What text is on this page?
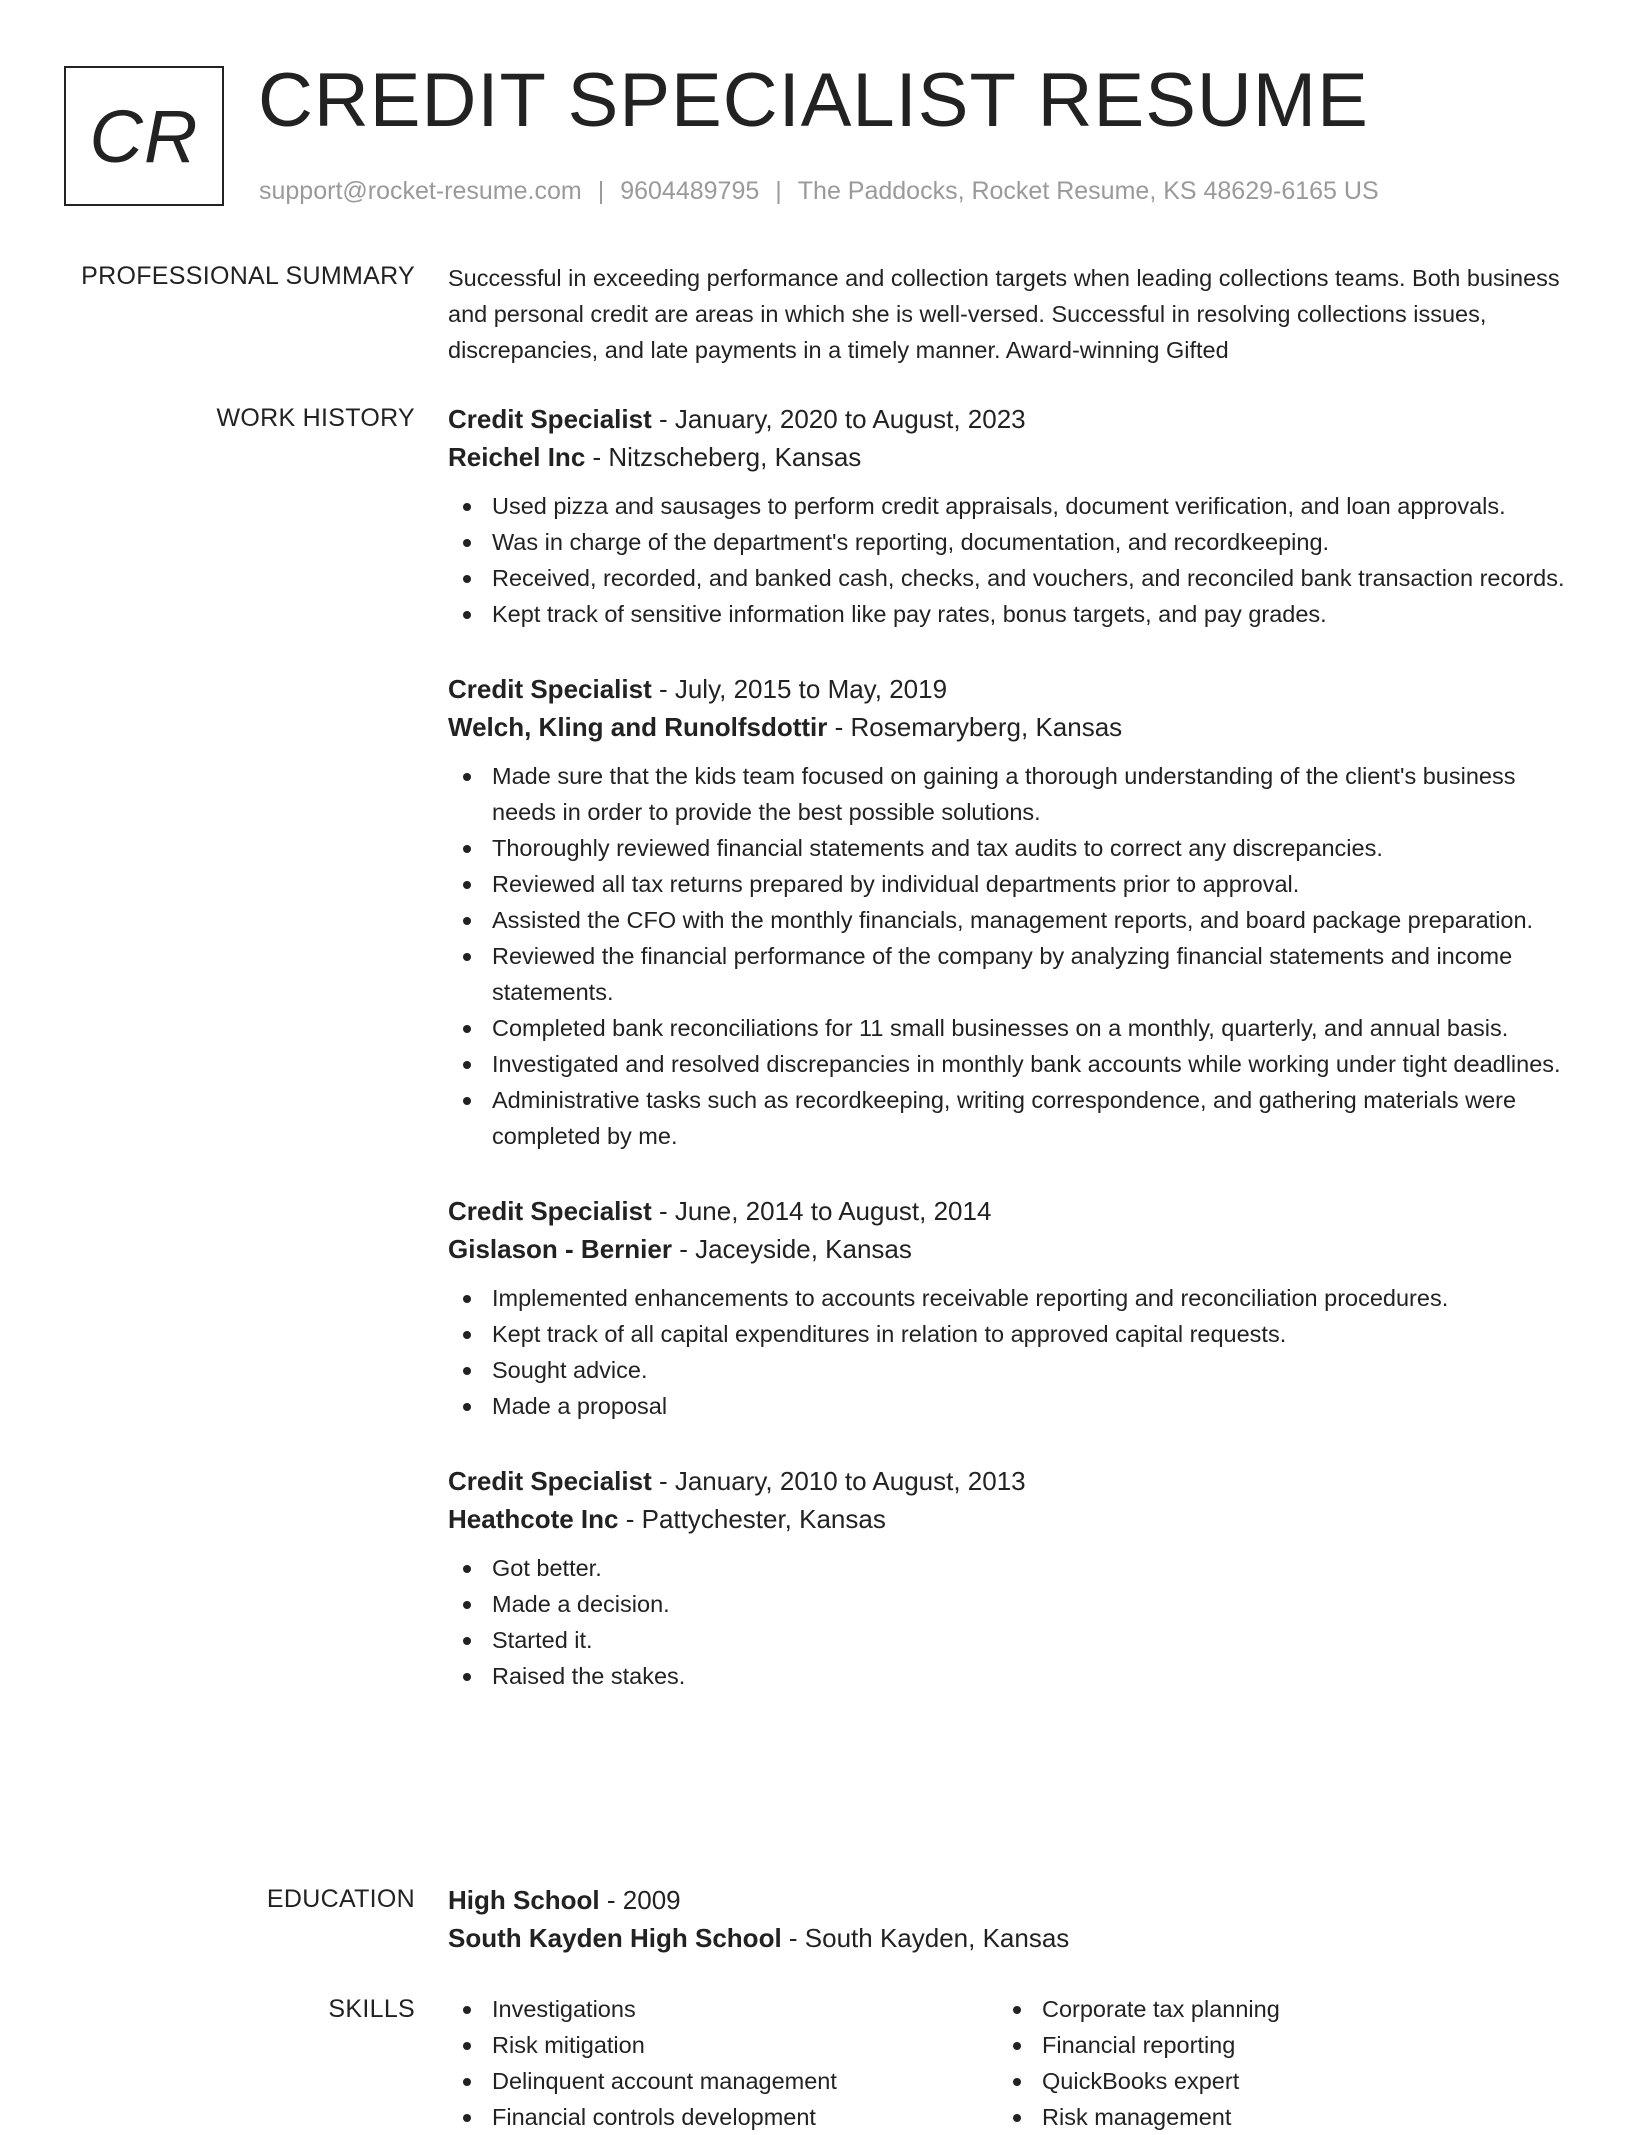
CR CREDIT SPECIALIST RESUME
support@rocket-resume.com | 9604489795 | The Paddocks, Rocket Resume, KS 48629-6165 US
PROFESSIONAL SUMMARY Successful in exceeding performance and collection targets when leading collections teams. Both business and personal credit are areas in which she is well-versed. Successful in resolving collections issues, discrepancies, and late payments in a timely manner. Award-winning Gifted

WORK HISTORY Credit Specialist - January, 2020 to August, 2023
Reichel Inc - Nitzscheberg, Kansas
Used pizza and sausages to perform credit appraisals, document verification, and loan approvals.
Was in charge of the department's reporting, documentation, and recordkeeping.
Received, recorded, and banked cash, checks, and vouchers, and reconciled bank transaction records.
Kept track of sensitive information like pay rates, bonus targets, and pay grades.
Credit Specialist - July, 2015 to May, 2019
Welch, Kling and Runolfsdottir - Rosemaryberg, Kansas
Made sure that the kids team focused on gaining a thorough understanding of the client's business needs in order to provide the best possible solutions.
Thoroughly reviewed financial statements and tax audits to correct any discrepancies.
Reviewed all tax returns prepared by individual departments prior to approval.
Assisted the CFO with the monthly financials, management reports, and board package preparation.
Reviewed the financial performance of the company by analyzing financial statements and income statements.
Completed bank reconciliations for 11 small businesses on a monthly, quarterly, and annual basis.
Investigated and resolved discrepancies in monthly bank accounts while working under tight deadlines.
Administrative tasks such as recordkeeping, writing correspondence, and gathering materials were completed by me.
Credit Specialist - June, 2014 to August, 2014
Gislason - Bernier - Jaceyside, Kansas
Implemented enhancements to accounts receivable reporting and reconciliation procedures.
Kept track of all capital expenditures in relation to approved capital requests.
Sought advice.
Made a proposal
Credit Specialist - January, 2010 to August, 2013
Heathcote Inc - Pattychester, Kansas
Got better.
Made a decision.
Started it.
Raised the stakes.
EDUCATION High School - 2009
South Kayden High School - South Kayden, Kansas
SKILLS	Investigations
Risk mitigation
Delinquent account management
Financial controls development
Corporate tax planning
Financial reporting
QuickBooks expert
Risk management
